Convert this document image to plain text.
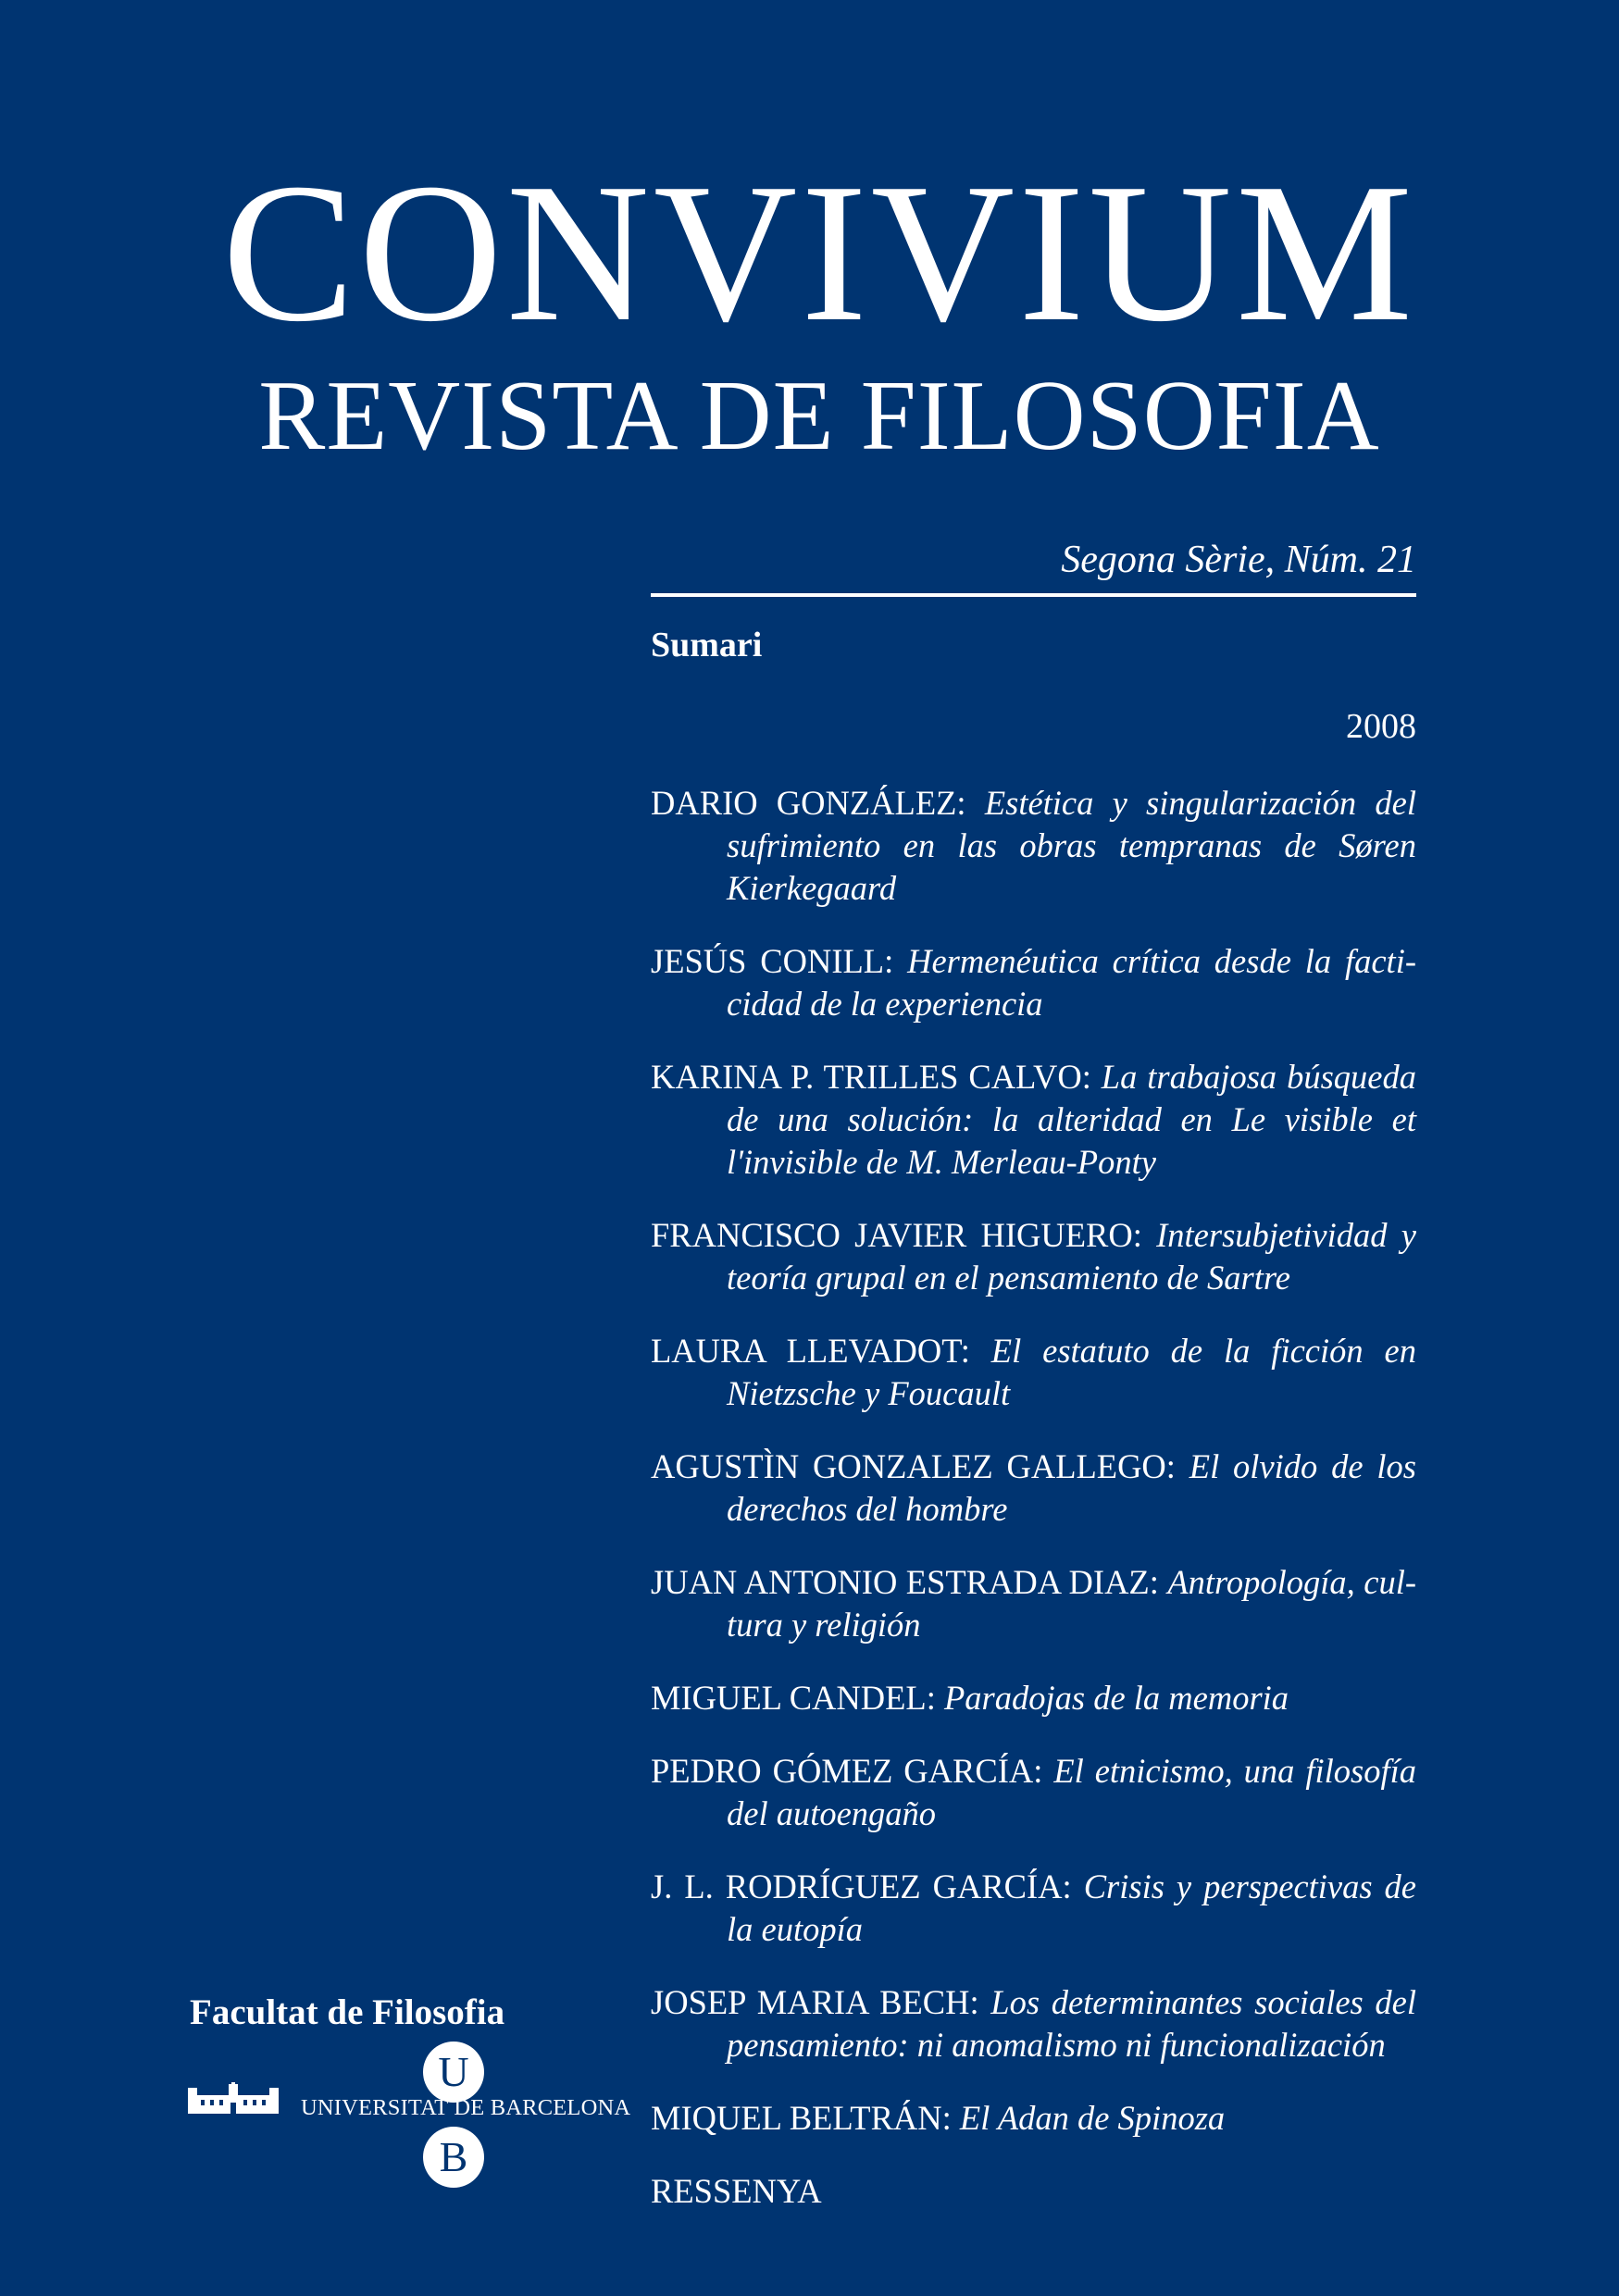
CONVIVIUM
REVISTA DE FILOSOFIA
Segona Sèrie, Núm. 21
Sumari
2008
DARIO GONZÁLEZ: Estética y singularización del sufrimiento en las obras tempranas de Søren Kierkegaard
JESÚS CONILL: Hermenéutica crítica desde la facticidad de la experiencia
KARINA P. TRILLES CALVO: La trabajosa búsqueda de una solución: la alteridad en Le visible et l'invisible de M. Merleau-Ponty
FRANCISCO JAVIER HIGUERO: Intersubjetividad y teoría grupal en el pensamiento de Sartre
LAURA LLEVADOT: El estatuto de la ficción en Nietzsche y Foucault
AGUSTÌN GONZALEZ GALLEGO: El olvido de los derechos del hombre
JUAN ANTONIO ESTRADA DIAZ: Antropología, cultura y religión
MIGUEL CANDEL: Paradojas de la memoria
PEDRO GÓMEZ GARCÍA: El etnicismo, una filosofía del autoengaño
J. L. RODRÍGUEZ GARCÍA: Crisis y perspectivas de la eutopía
JOSEP MARIA BECH: Los determinantes sociales del pensamiento: ni anomalismo ni funcionalización
MIQUEL BELTRÁN: El Adan de Spinoza
RESSENYA
Facultat de Filosofia
U
UNIVERSITAT DE BARCELONA
B
